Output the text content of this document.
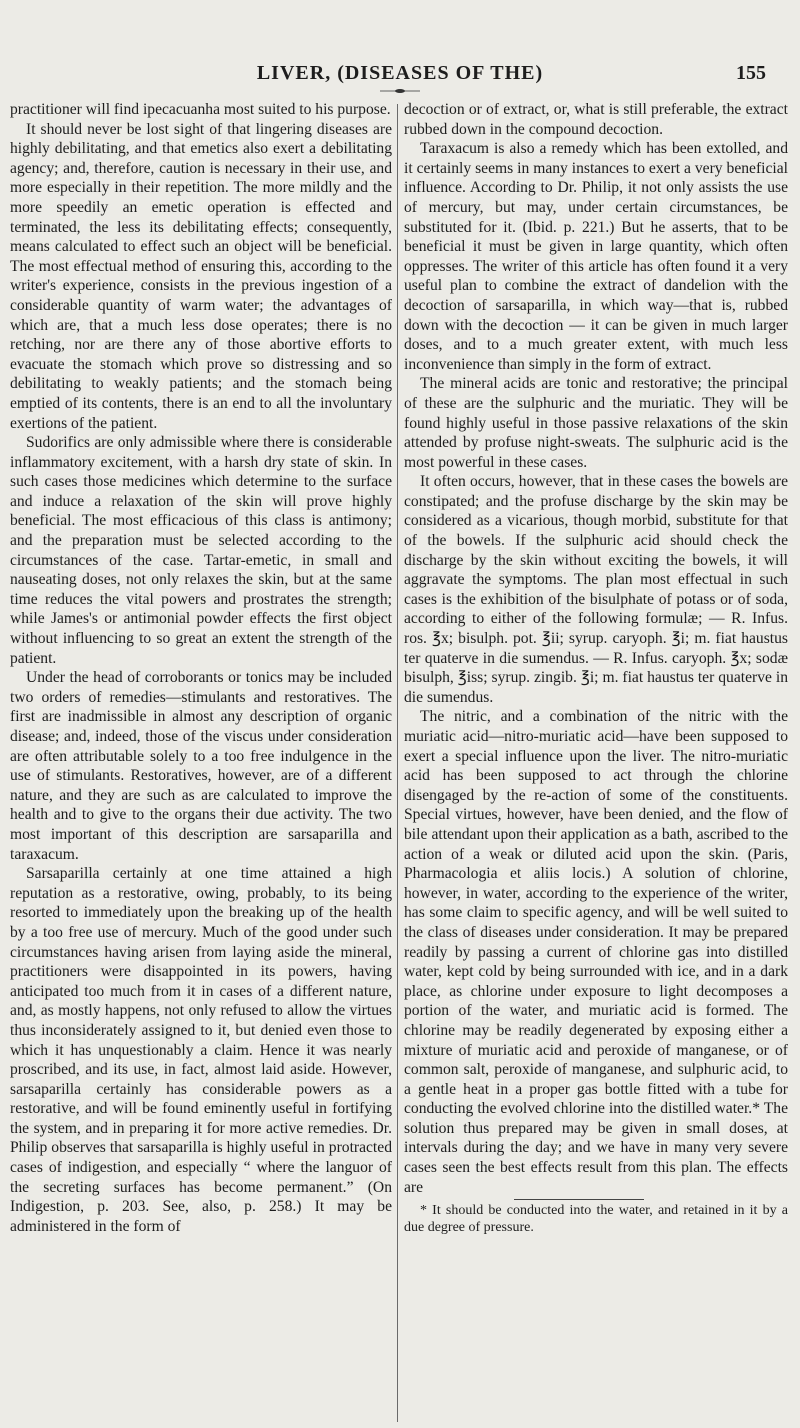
LIVER, (DISEASES OF THE)	155

practitioner will find ipecacuanha most suited to his purpose.

It should never be lost sight of that lingering diseases are highly debilitating, and that emetics also exert a debilitating agency; and, therefore, caution is necessary in their use, and more especially in their repetition. The more mildly and the more speedily an emetic operation is effected and terminated, the less its debilitating effects; consequently, means calculated to effect such an object will be beneficial. The most effectual method of ensuring this, according to the writer's experience, consists in the previous ingestion of a considerable quantity of warm water; the advantages of which are, that a much less dose operates; there is no retching, nor are there any of those abortive efforts to evacuate the stomach which prove so distressing and so debilitating to weakly patients; and the stomach being emptied of its contents, there is an end to all the involuntary exertions of the patient.

Sudorifics are only admissible where there is considerable inflammatory excitement, with a harsh dry state of skin. In such cases those medicines which determine to the surface and induce a relaxation of the skin will prove highly beneficial. The most efficacious of this class is antimony; and the preparation must be selected according to the circumstances of the case. Tartar-emetic, in small and nauseating doses, not only relaxes the skin, but at the same time reduces the vital powers and prostrates the strength; while James's or antimonial powder effects the first object without influencing to so great an extent the strength of the patient.

Under the head of corroborants or tonics may be included two orders of remedies—stimulants and restoratives. The first are inadmissible in almost any description of organic disease; and, indeed, those of the viscus under consideration are often attributable solely to a too free indulgence in the use of stimulants. Restoratives, however, are of a different nature, and they are such as are calculated to improve the health and to give to the organs their due activity. The two most important of this description are sarsaparilla and taraxacum.

Sarsaparilla certainly at one time attained a high reputation as a restorative, owing, probably, to its being resorted to immediately upon the breaking up of the health by a too free use of mercury. Much of the good under such circumstances having arisen from laying aside the mineral, practitioners were disappointed in its powers, having anticipated too much from it in cases of a different nature, and, as mostly happens, not only refused to allow the virtues thus inconsiderately assigned to it, but denied even those to which it has unquestionably a claim. Hence it was nearly proscribed, and its use, in fact, almost laid aside. However, sarsaparilla certainly has considerable powers as a restorative, and will be found eminently useful in fortifying the system, and in preparing it for more active remedies. Dr. Philip observes that sarsaparilla is highly useful in protracted cases of indigestion, and especially “ where the languor of the secreting surfaces has become permanent.” (On Indigestion, p. 203. See, also, p. 258.) It may be administered in the form of

decoction or of extract, or, what is still preferable, the extract rubbed down in the compound decoction.

Taraxacum is also a remedy which has been extolled, and it certainly seems in many instances to exert a very beneficial influence. According to Dr. Philip, it not only assists the use of mercury, but may, under certain circumstances, be substituted for it. (Ibid. p. 221.) But he asserts, that to be beneficial it must be given in large quantity, which often oppresses. The writer of this article has often found it a very useful plan to combine the extract of dandelion with the decoction of sarsaparilla, in which way—that is, rubbed down with the decoction — it can be given in much larger doses, and to a much greater extent, with much less inconvenience than simply in the form of extract.

The mineral acids are tonic and restorative; the principal of these are the sulphuric and the muriatic. They will be found highly useful in those passive relaxations of the skin attended by profuse night-sweats. The sulphuric acid is the most powerful in these cases.

It often occurs, however, that in these cases the bowels are constipated; and the profuse discharge by the skin may be considered as a vicarious, though morbid, substitute for that of the bowels. If the sulphuric acid should check the discharge by the skin without exciting the bowels, it will aggravate the symptoms. The plan most effectual in such cases is the exhibition of the bisulphate of potass or of soda, according to either of the following formulæ; — R. Infus. ros. ℥x; bisulph. pot. ℥ii; syrup. caryoph. ℥i; m. fiat haustus ter quaterve in die sumendus. — R. Infus. caryoph. ℥x; sodæ bisulph, ℥iss; syrup. zingib. ℥i; m. fiat haustus ter quaterve in die sumendus.

The nitric, and a combination of the nitric with the muriatic acid—nitro-muriatic acid—have been supposed to exert a special influence upon the liver. The nitro-muriatic acid has been supposed to act through the chlorine disengaged by the re-action of some of the constituents. Special virtues, however, have been denied, and the flow of bile attendant upon their application as a bath, ascribed to the action of a weak or diluted acid upon the skin. (Paris, Pharmacologia et aliis locis.) A solution of chlorine, however, in water, according to the experience of the writer, has some claim to specific agency, and will be well suited to the class of diseases under consideration. It may be prepared readily by passing a current of chlorine gas into distilled water, kept cold by being surrounded with ice, and in a dark place, as chlorine under exposure to light decomposes a portion of the water, and muriatic acid is formed. The chlorine may be readily degenerated by exposing either a mixture of muriatic acid and peroxide of manganese, or of common salt, peroxide of manganese, and sulphuric acid, to a gentle heat in a proper gas bottle fitted with a tube for conducting the evolved chlorine into the distilled water.* The solution thus prepared may be given in small doses, at intervals during the day; and we have in many very severe cases seen the best effects result from this plan. The effects are

* It should be conducted into the water, and retained in it by a due degree of pressure.
